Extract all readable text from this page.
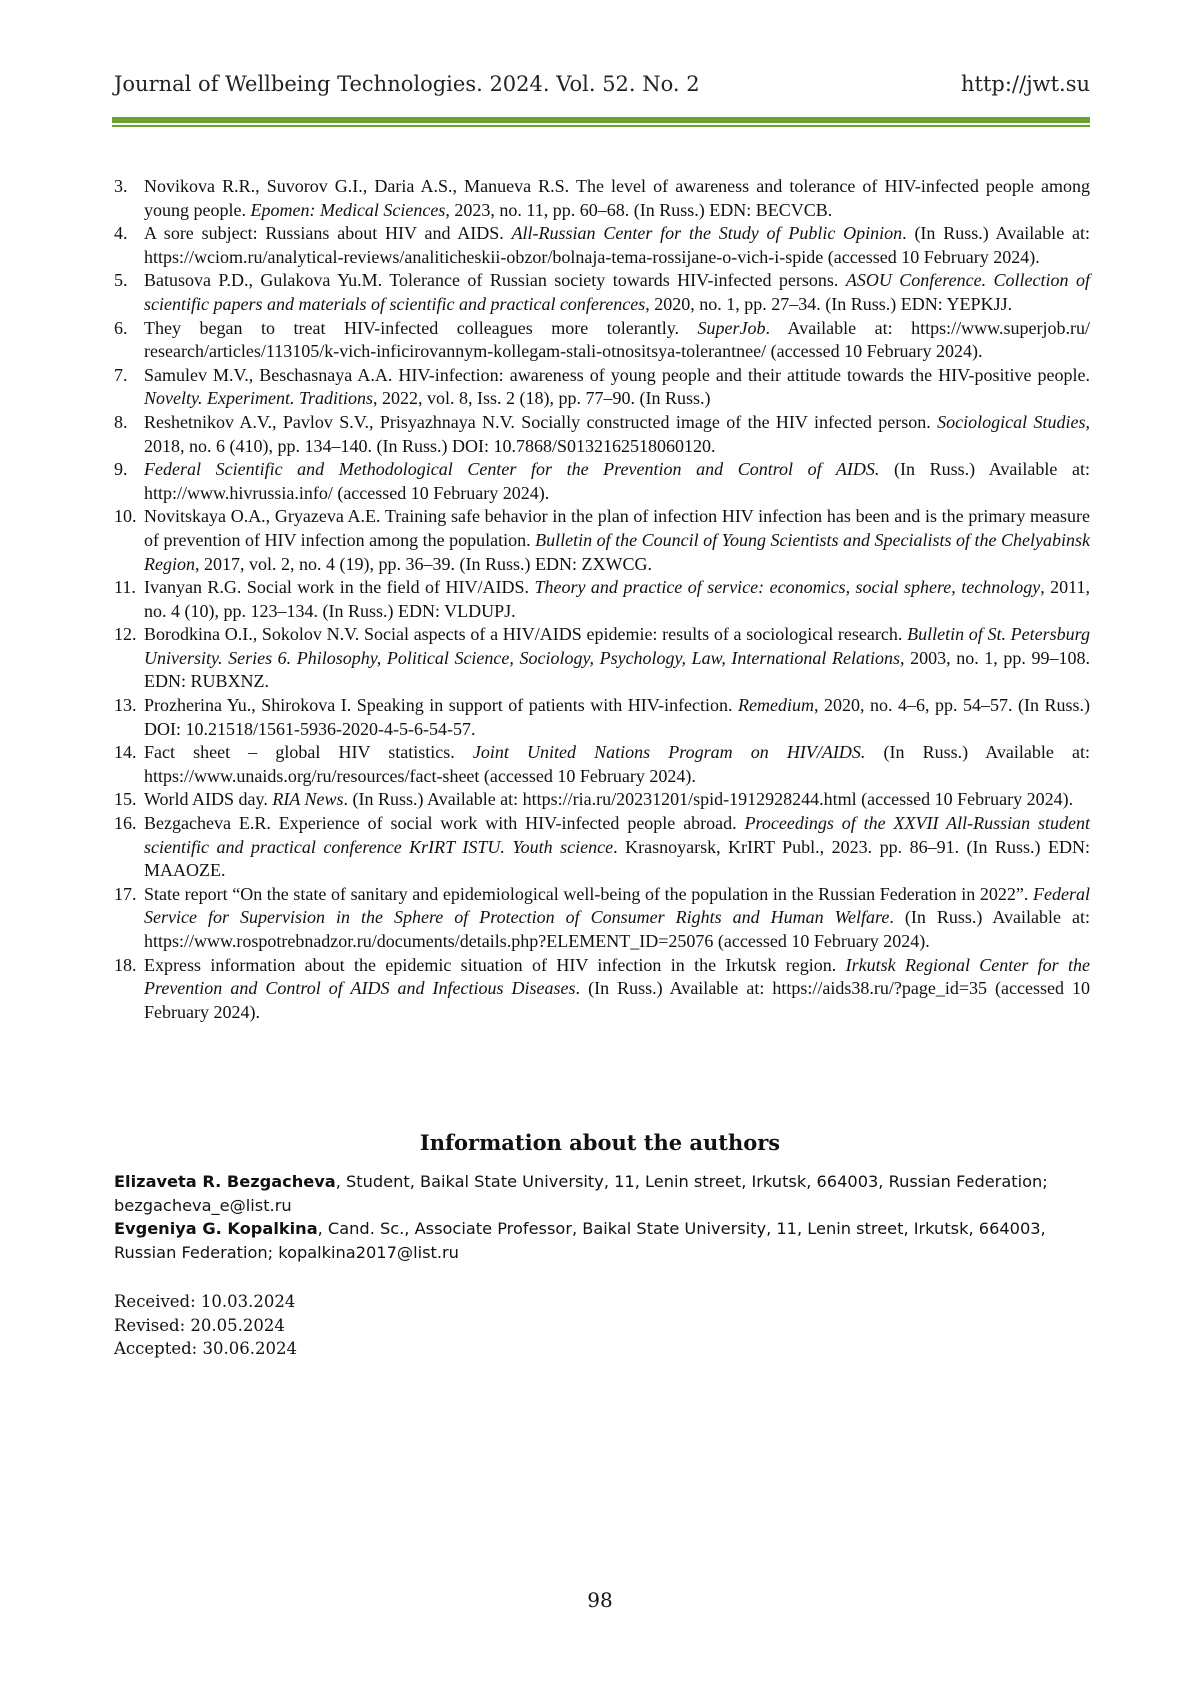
Journal of Wellbeing Technologies. 2024. Vol. 52. No. 2	http://jwt.su
3. Novikova R.R., Suvorov G.I., Daria A.S., Manueva R.S. The level of awareness and tolerance of HIV-infected people among young people. Epomen: Medical Sciences, 2023, no. 11, pp. 60–68. (In Russ.) EDN: BECVCB.
4. A sore subject: Russians about HIV and AIDS. All-Russian Center for the Study of Public Opinion. (In Russ.) Available at: https://wciom.ru/analytical-reviews/analiticheskii-obzor/bolnaja-tema-rossijane-o-vich-i-spide (accessed 10 February 2024).
5. Batusova P.D., Gulakova Yu.M. Tolerance of Russian society towards HIV-infected persons. ASOU Conference. Collection of scientific papers and materials of scientific and practical conferences, 2020, no. 1, pp. 27–34. (In Russ.) EDN: YEPKJJ.
6. They began to treat HIV-infected colleagues more tolerantly. SuperJob. Available at: https://www.superjob.ru/ research/articles/113105/k-vich-inficirovannym-kollegam-stali-otnositsya-tolerantnee/ (accessed 10 February 2024).
7. Samulev M.V., Beschasnaya A.A. HIV-infection: awareness of young people and their attitude towards the HIV-positive people. Novelty. Experiment. Traditions, 2022, vol. 8, Iss. 2 (18), pp. 77–90. (In Russ.)
8. Reshetnikov A.V., Pavlov S.V., Prisyazhnaya N.V. Socially constructed image of the HIV infected person. Sociological Studies, 2018, no. 6 (410), pp. 134–140. (In Russ.) DOI: 10.7868/S0132162518060120.
9. Federal Scientific and Methodological Center for the Prevention and Control of AIDS. (In Russ.) Available at: http://www.hivrussia.info/ (accessed 10 February 2024).
10. Novitskaya O.A., Gryazeva A.E. Training safe behavior in the plan of infection HIV infection has been and is the primary measure of prevention of HIV infection among the population. Bulletin of the Council of Young Scientists and Specialists of the Chelyabinsk Region, 2017, vol. 2, no. 4 (19), pp. 36–39. (In Russ.) EDN: ZXWCG.
11. Ivanyan R.G. Social work in the field of HIV/AIDS. Theory and practice of service: economics, social sphere, technology, 2011, no. 4 (10), pp. 123–134. (In Russ.) EDN: VLDUPJ.
12. Borodkina O.I., Sokolov N.V. Social aspects of a HIV/AIDS epidemie: results of a sociological research. Bulletin of St. Petersburg University. Series 6. Philosophy, Political Science, Sociology, Psychology, Law, International Relations, 2003, no. 1, pp. 99–108. EDN: RUBXNZ.
13. Prozherina Yu., Shirokova I. Speaking in support of patients with HIV-infection. Remedium, 2020, no. 4–6, pp. 54–57. (In Russ.) DOI: 10.21518/1561-5936-2020-4-5-6-54-57.
14. Fact sheet – global HIV statistics. Joint United Nations Program on HIV/AIDS. (In Russ.) Available at: https://www.unaids.org/ru/resources/fact-sheet (accessed 10 February 2024).
15. World AIDS day. RIA News. (In Russ.) Available at: https://ria.ru/20231201/spid-1912928244.html (accessed 10 February 2024).
16. Bezgacheva E.R. Experience of social work with HIV-infected people abroad. Proceedings of the XXVII All-Russian student scientific and practical conference KrIRT ISTU. Youth science. Krasnoyarsk, KrIRT Publ., 2023. pp. 86–91. (In Russ.) EDN: MAAOZE.
17. State report “On the state of sanitary and epidemiological well-being of the population in the Russian Federation in 2022”. Federal Service for Supervision in the Sphere of Protection of Consumer Rights and Human Welfare. (In Russ.) Available at: https://www.rospotrebnadzor.ru/documents/details.php?ELEMENT_ID=25076 (accessed 10 February 2024).
18. Express information about the epidemic situation of HIV infection in the Irkutsk region. Irkutsk Regional Center for the Prevention and Control of AIDS and Infectious Diseases. (In Russ.) Available at: https://aids38.ru/?page_id=35 (accessed 10 February 2024).
Information about the authors

Elizaveta R. Bezgacheva, Student, Baikal State University, 11, Lenin street, Irkutsk, 664003, Russian Federation; bezgacheva_e@list.ru

Evgeniya G. Kopalkina, Cand. Sc., Associate Professor, Baikal State University, 11, Lenin street, Irkutsk, 664003, Russian Federation; kopalkina2017@list.ru

Received: 10.03.2024
Revised: 20.05.2024
Accepted: 30.06.2024
98
